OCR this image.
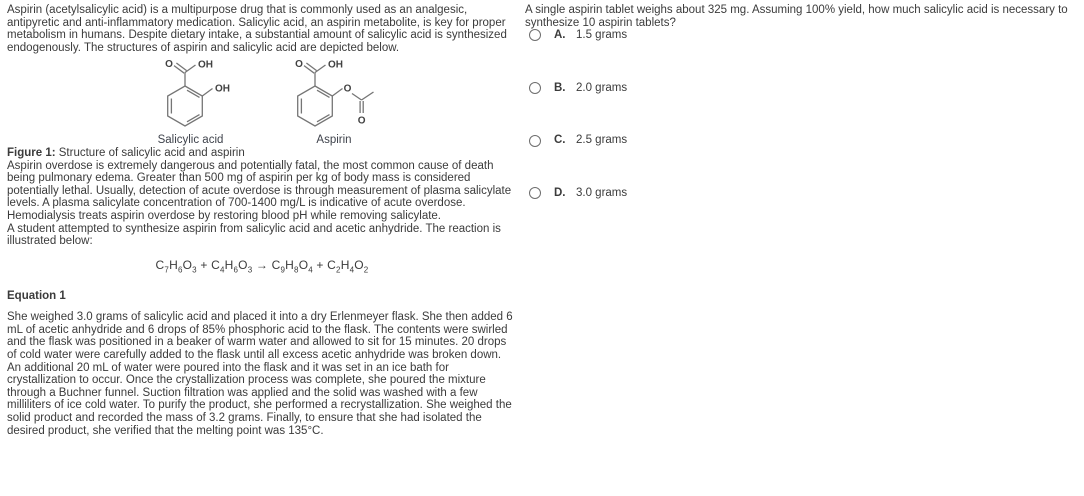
Aspirin (acetylsalicylic acid) is a multipurpose drug that is commonly used as an analgesic, antipyretic and anti-inflammatory medication. Salicylic acid, an aspirin metabolite, is key for proper metabolism in humans. Despite dietary intake, a substantial amount of salicylic acid is synthesized endogenously. The structures of aspirin and salicylic acid are depicted below.

O	OH
OH
Salicylic acid
O	OH
O
O
Aspirin

Figure 1: Structure of salicylic acid and aspirin

Aspirin overdose is extremely dangerous and potentially fatal, the most common cause of death being pulmonary edema. Greater than 500 mg of aspirin per kg of body mass is considered potentially lethal. Usually, detection of acute overdose is through measurement of plasma salicylate levels. A plasma salicylate concentration of 700-1400 mg/L is indicative of acute overdose. Hemodialysis treats aspirin overdose by restoring blood pH while removing salicylate.

A student attempted to synthesize aspirin from salicylic acid and acetic anhydride. The reaction is illustrated below:

$C_7H_6O_3 + C_4H_6O_3 \to C_9H_8O_4 + C_2H_4O_2$
Equation 1

She weighed 3.0 grams of salicylic acid and placed it into a dry Erlenmeyer flask. She then added 6 mL of acetic anhydride and 6 drops of 85% phosphoric acid to the flask. The contents were swirled and the flask was positioned in a beaker of warm water and allowed to sit for 15 minutes. 20 drops of cold water were carefully added to the flask until all excess acetic anhydride was broken down. An additional 20 mL of water were poured into the flask and it was set in an ice bath for crystallization to occur. Once the crystallization process was complete, she poured the mixture through a Buchner funnel. Suction filtration was applied and the solid was washed with a few milliliters of ice cold water. To purify the product, she performed a recrystallization. She weighed the solid product and recorded the mass of 3.2 grams. Finally, to ensure that she had isolated the desired product, she verified that the melting point was 135°C.

A single aspirin tablet weighs about 325 mg. Assuming 100% yield, how much salicylic acid is necessary to synthesize 10 aspirin tablets?

A. 1.5 grams
B. 2.0 grams
C. 2.5 grams
D. 3.0 grams
